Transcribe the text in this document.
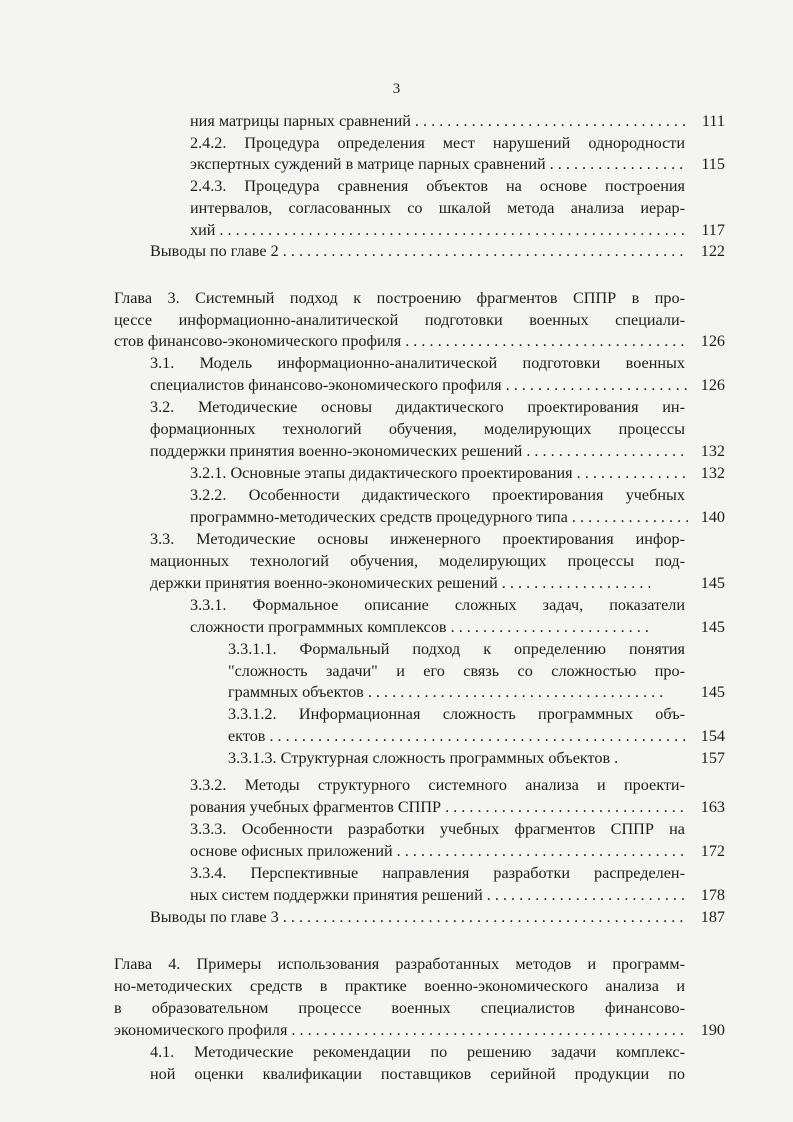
3
ния матрицы парных сравнений . . .	111
2.4.2. Процедура определения мест нарушений однородности
экспертных суждений в матрице парных сравнений . . .	115
2.4.3. Процедура сравнения объектов на основе построения
интервалов, согласованных со шкалой метода анализа иерар-
хий . . .	117
Выводы по главе 2 . . .	122
Глава 3. Системный подход к построению фрагментов СППР в про-
цессе информационно-аналитической подготовки военных специали-
стов финансово-экономического профиля . . .	126
3.1. Модель информационно-аналитической подготовки военных
специалистов финансово-экономического профиля . . .	126
3.2. Методические основы дидактического проектирования ин-
формационных технологий обучения, моделирующих процессы
поддержки принятия военно-экономических решений . . .	132
3.2.1. Основные этапы дидактического проектирования . . .	132
3.2.2. Особенности дидактического проектирования учебных
программно-методических средств процедурного типа . . .	140
3.3. Методические основы инженерного проектирования инфор-
мационных технологий обучения, моделирующих процессы под-
держки принятия военно-экономических решений . . .	145
3.3.1. Формальное описание сложных задач, показатели
сложности программных комплексов . . .	145
3.3.1.1. Формальный подход к определению понятия
"сложность задачи" и его связь со сложностью про-
граммных объектов . . .	145
3.3.1.2. Информационная сложность программных объ-
ектов . . .	154
3.3.1.3. Структурная сложность программных объектов .	157
3.3.2. Методы структурного системного анализа и проекти-
рования учебных фрагментов СППР . . .	163
3.3.3. Особенности разработки учебных фрагментов СППР на
основе офисных приложений . . .	172
3.3.4. Перспективные направления разработки распределен-
ных систем поддержки принятия решений . . .	178
Выводы по главе 3 . . .	187
Глава 4. Примеры использования разработанных методов и программ-
но-методических средств в практике военно-экономического анализа и
в образовательном процессе военных специалистов финансово-
экономического профиля . . .	190
4.1. Методические рекомендации по решению задачи комплекс-
ной оценки квалификации поставщиков серийной продукции по
